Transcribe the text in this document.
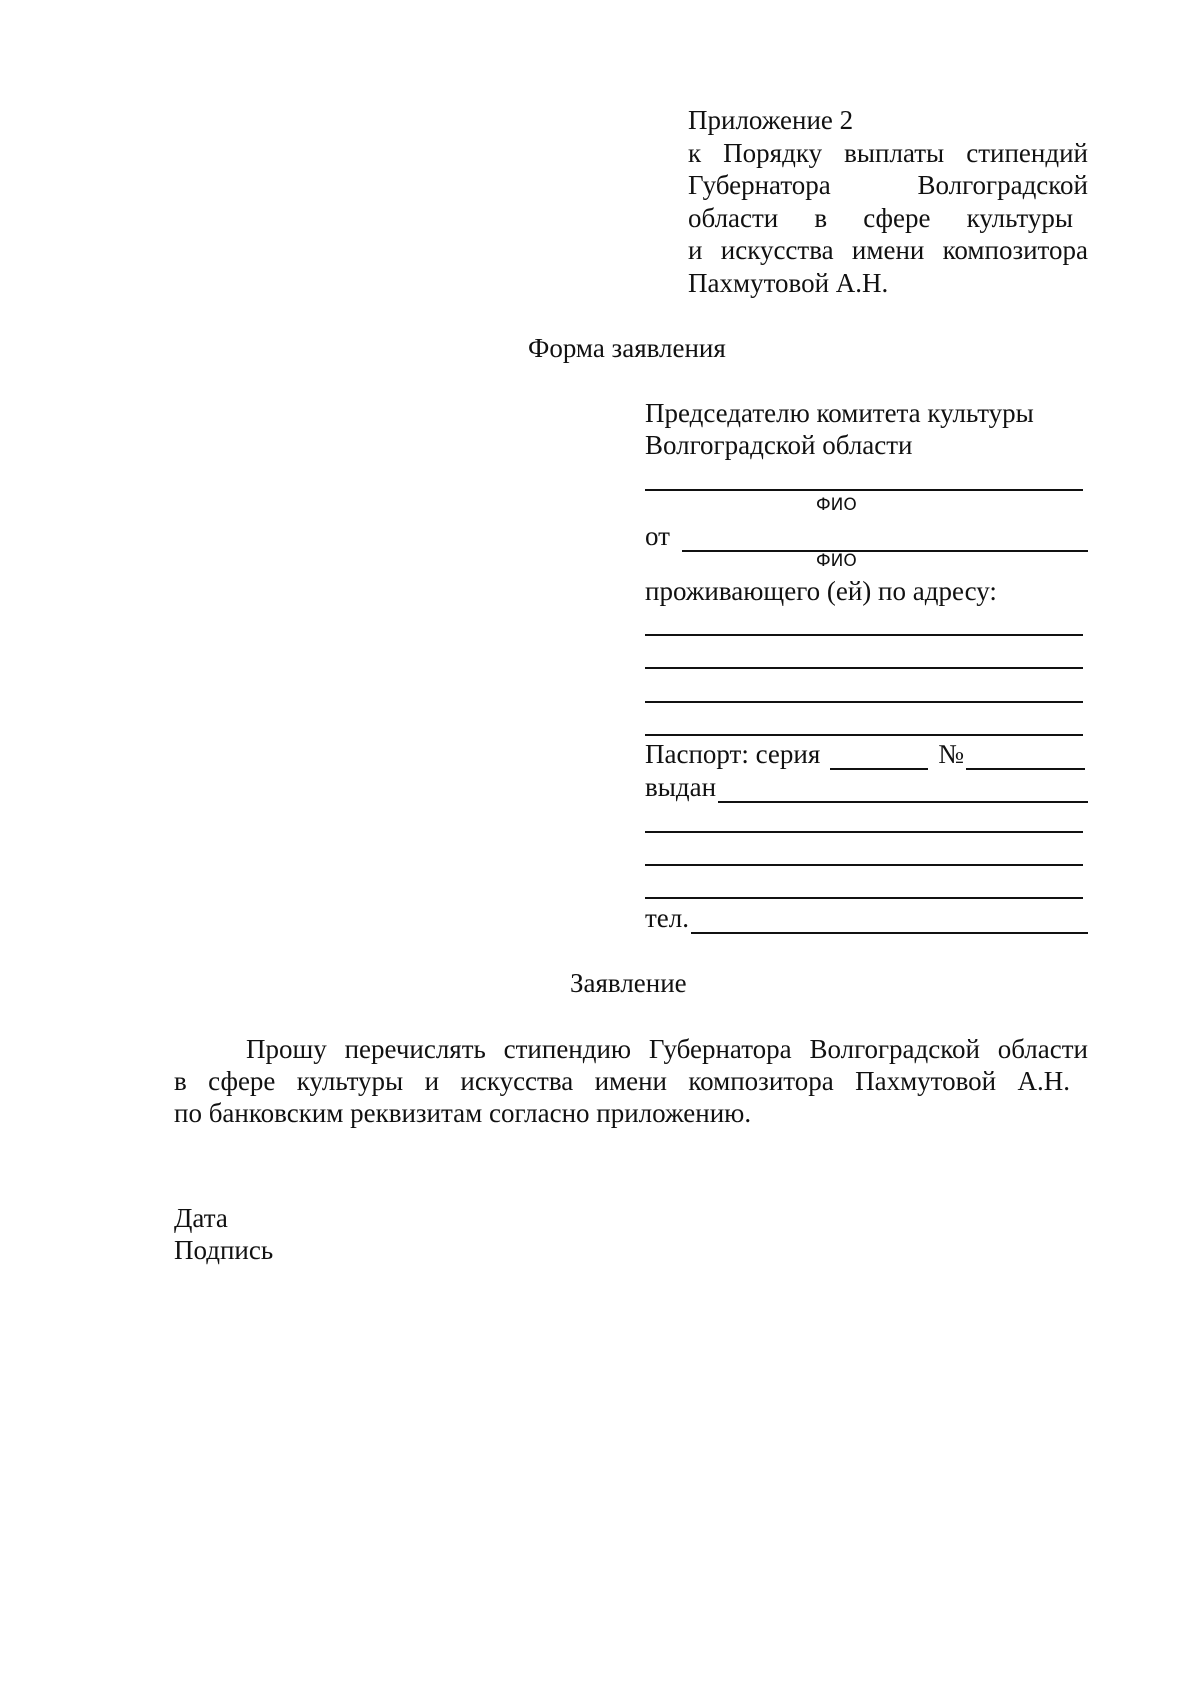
Приложение 2
к Порядку выплаты стипендий
Губернатора Волгоградской
области в сфере культуры
и искусства имени композитора
Пахмутовой А.Н.
Форма заявления
Председателю комитета культуры
Волгоградской области
ФИО
от
ФИО
проживающего (ей) по адресу:
Паспорт: серия	№
выдан
тел.
Заявление
Прошу перечислять стипендию Губернатора Волгоградской области
в сфере культуры и искусства имени композитора Пахмутовой А.Н.
по банковским реквизитам согласно приложению.
Дата
Подпись
